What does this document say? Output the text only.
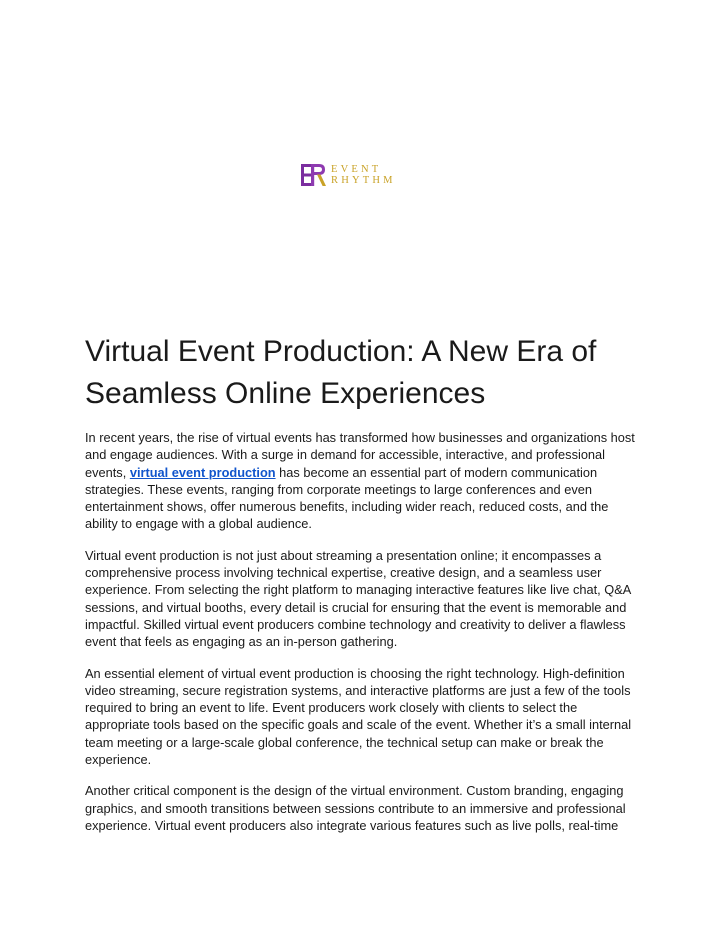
EVENT
RHYTHM
Virtual Event Production: A New Era of Seamless Online Experiences

In recent years, the rise of virtual events has transformed how businesses and organizations host and engage audiences. With a surge in demand for accessible, interactive, and professional events, virtual event production has become an essential part of modern communication strategies. These events, ranging from corporate meetings to large conferences and even entertainment shows, offer numerous benefits, including wider reach, reduced costs, and the ability to engage with a global audience.

Virtual event production is not just about streaming a presentation online; it encompasses a comprehensive process involving technical expertise, creative design, and a seamless user experience. From selecting the right platform to managing interactive features like live chat, Q&A sessions, and virtual booths, every detail is crucial for ensuring that the event is memorable and impactful. Skilled virtual event producers combine technology and creativity to deliver a flawless event that feels as engaging as an in-person gathering.

An essential element of virtual event production is choosing the right technology. High-definition video streaming, secure registration systems, and interactive platforms are just a few of the tools required to bring an event to life. Event producers work closely with clients to select the appropriate tools based on the specific goals and scale of the event. Whether it’s a small internal team meeting or a large-scale global conference, the technical setup can make or break the experience.

Another critical component is the design of the virtual environment. Custom branding, engaging graphics, and smooth transitions between sessions contribute to an immersive and professional experience. Virtual event producers also integrate various features such as live polls, real-time
